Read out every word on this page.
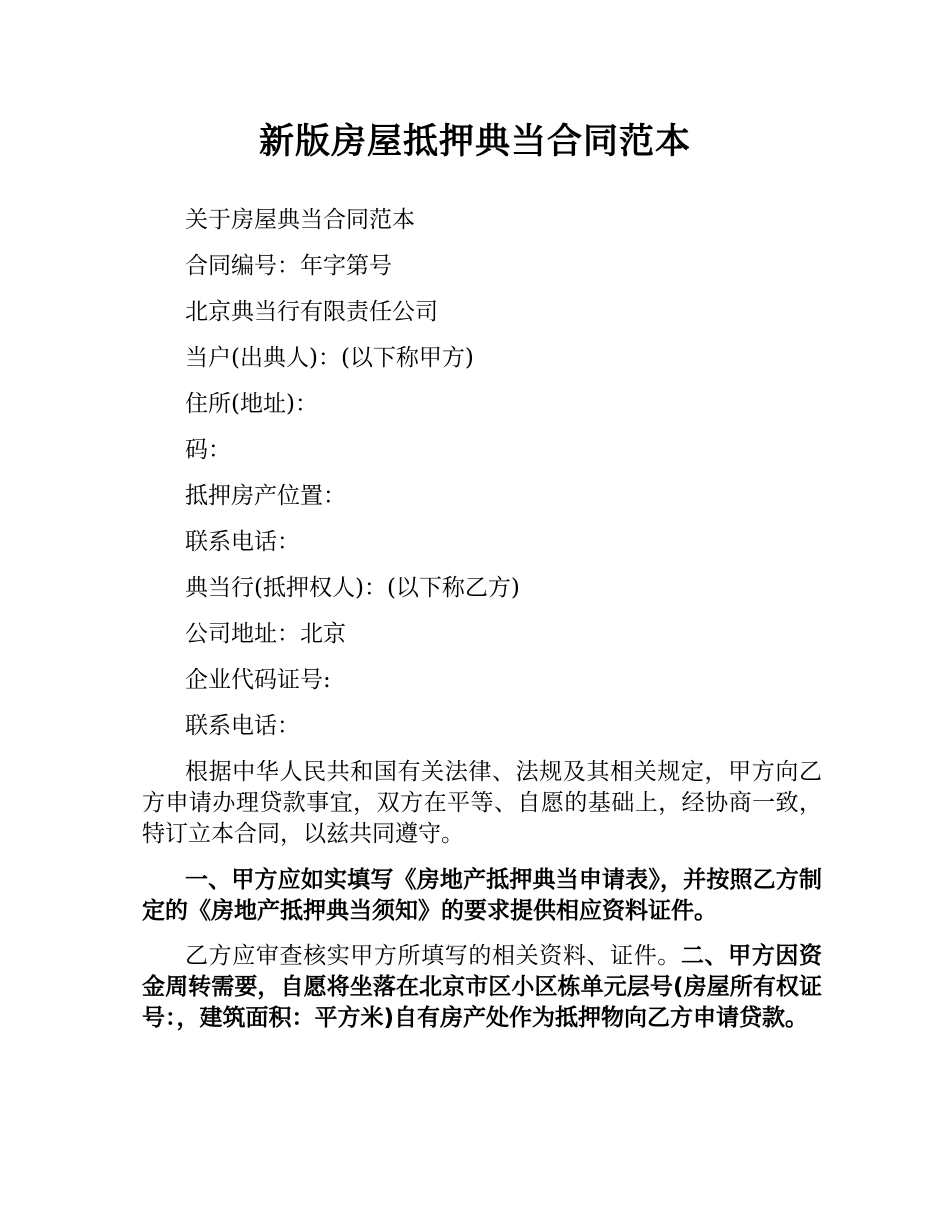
新版房屋抵押典当合同范本
关于房屋典当合同范本
合同编号：年字第号
北京典当行有限责任公司
当户(出典人)：(以下称甲方)
住所(地址)：
码：
抵押房产位置：
联系电话：
典当行(抵押权人)：(以下称乙方)
公司地址：北京
企业代码证号:
联系电话：
根据中华人民共和国有关法律、法规及其相关规定，甲方向乙方申请办理贷款事宜，双方在平等、自愿的基础上，经协商一致，特订立本合同，以兹共同遵守。
一、甲方应如实填写《房地产抵押典当申请表》，并按照乙方制定的《房地产抵押典当须知》的要求提供相应资料证件。
乙方应审查核实甲方所填写的相关资料、证件。二、甲方因资金周转需要，自愿将坐落在北京市区小区栋单元层号(房屋所有权证号：，建筑面积：平方米)自有房产处作为抵押物向乙方申请贷款。
